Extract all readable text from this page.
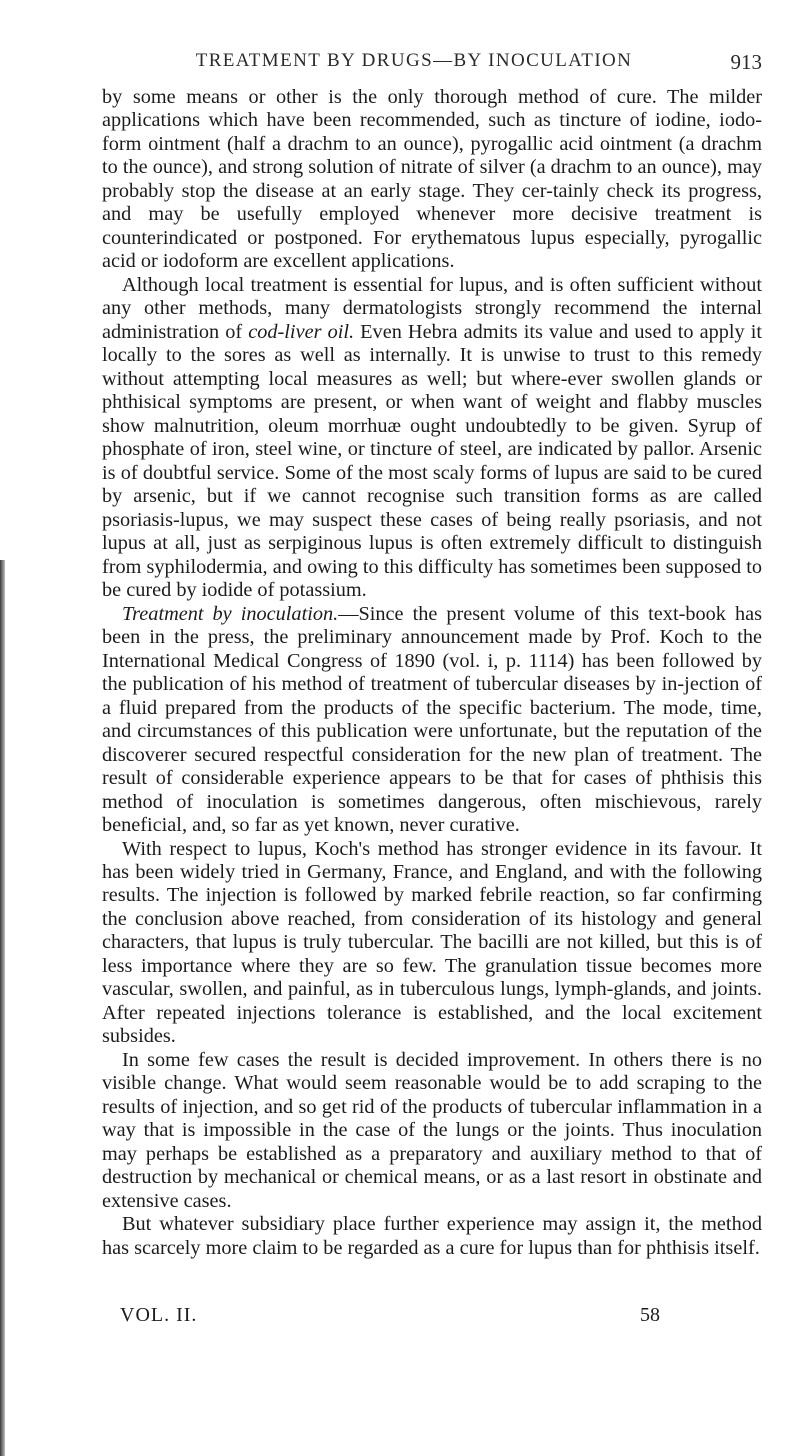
TREATMENT BY DRUGS—BY INOCULATION	913

by some means or other is the only thorough method of cure. The milder applications which have been recommended, such as tincture of iodine, iodo-form ointment (half a drachm to an ounce), pyrogallic acid ointment (a drachm to the ounce), and strong solution of nitrate of silver (a drachm to an ounce), may probably stop the disease at an early stage. They cer-tainly check its progress, and may be usefully employed whenever more decisive treatment is counterindicated or postponed. For erythematous lupus especially, pyrogallic acid or iodoform are excellent applications.

Although local treatment is essential for lupus, and is often sufficient without any other methods, many dermatologists strongly recommend the internal administration of cod-liver oil. Even Hebra admits its value and used to apply it locally to the sores as well as internally. It is unwise to trust to this remedy without attempting local measures as well; but where-ever swollen glands or phthisical symptoms are present, or when want of weight and flabby muscles show malnutrition, oleum morrhuæ ought undoubtedly to be given. Syrup of phosphate of iron, steel wine, or tincture of steel, are indicated by pallor. Arsenic is of doubtful service. Some of the most scaly forms of lupus are said to be cured by arsenic, but if we cannot recognise such transition forms as are called psoriasis-lupus, we may suspect these cases of being really psoriasis, and not lupus at all, just as serpiginous lupus is often extremely difficult to distinguish from syphilodermia, and owing to this difficulty has sometimes been supposed to be cured by iodide of potassium.

Treatment by inoculation.—Since the present volume of this text-book has been in the press, the preliminary announcement made by Prof. Koch to the International Medical Congress of 1890 (vol. i, p. 1114) has been followed by the publication of his method of treatment of tubercular diseases by in-jection of a fluid prepared from the products of the specific bacterium. The mode, time, and circumstances of this publication were unfortunate, but the reputation of the discoverer secured respectful consideration for the new plan of treatment. The result of considerable experience appears to be that for cases of phthisis this method of inoculation is sometimes dangerous, often mischievous, rarely beneficial, and, so far as yet known, never curative.

With respect to lupus, Koch's method has stronger evidence in its favour. It has been widely tried in Germany, France, and England, and with the following results. The injection is followed by marked febrile reaction, so far confirming the conclusion above reached, from consideration of its histology and general characters, that lupus is truly tubercular. The bacilli are not killed, but this is of less importance where they are so few. The granulation tissue becomes more vascular, swollen, and painful, as in tuberculous lungs, lymph-glands, and joints. After repeated injections tolerance is established, and the local excitement subsides.

In some few cases the result is decided improvement. In others there is no visible change. What would seem reasonable would be to add scraping to the results of injection, and so get rid of the products of tubercular inflammation in a way that is impossible in the case of the lungs or the joints. Thus inoculation may perhaps be established as a preparatory and auxiliary method to that of destruction by mechanical or chemical means, or as a last resort in obstinate and extensive cases.

But whatever subsidiary place further experience may assign it, the method has scarcely more claim to be regarded as a cure for lupus than for phthisis itself.

VOL. II.	58
